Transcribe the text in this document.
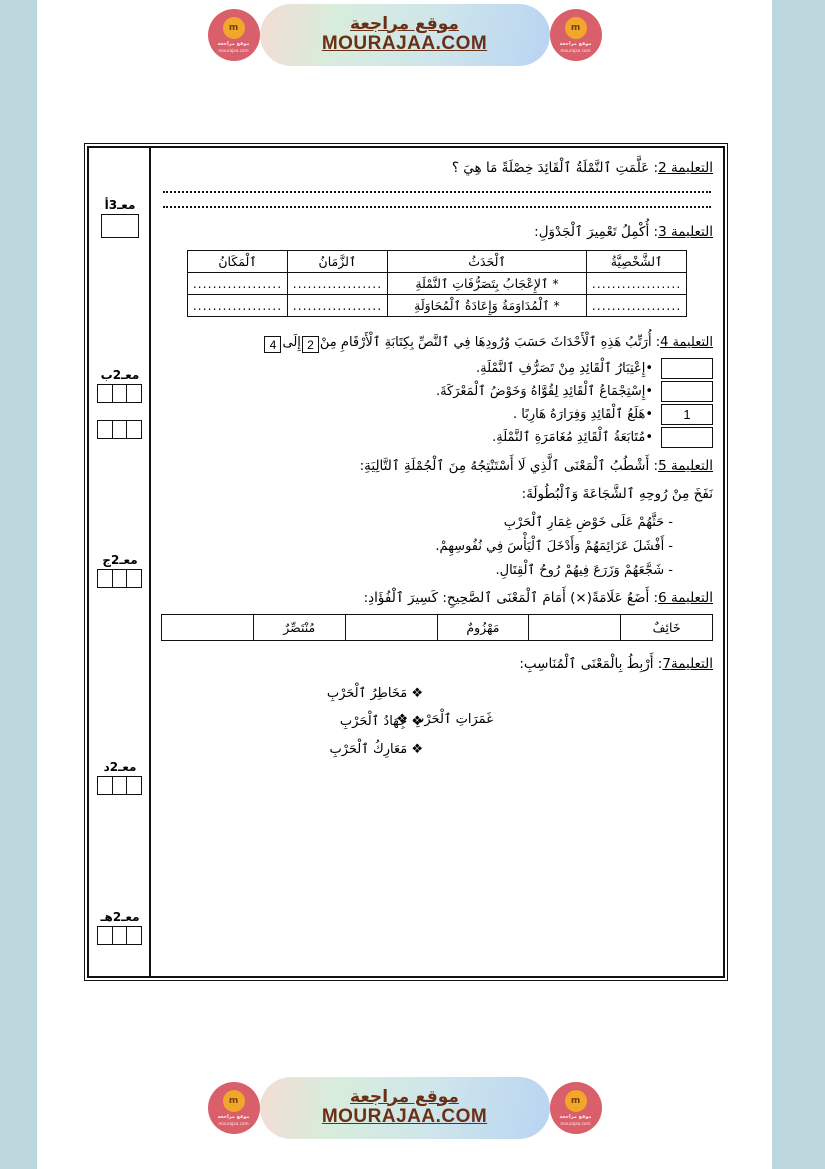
m
موقع مراجعة
mourajaa.com
موقع مراجعة
MOURAJAA.COM
m
موقع مراجعة
mourajaa.com
التعليمة 2: عَلَّمَتِ ٱلنَّمْلَةُ ٱلْقَائِدَ خِصْلَةً مَا هِيَ ؟
التعليمة 3: أُكْمِلُ تَعْمِيرَ ٱلْجَدْوَلِ:
ٱلشَّخْصِيَّةُ	ٱلْحَدَثُ	ٱلزَّمَانُ	ٱلْمَكَانُ
..................	* ٱلإِعْجَابُ بِتَصَرُّفَاتِ ٱلنَّمْلَةِ	..................	..................
..................	* ٱلْمُدَاوَمَةُ وَإِعَادَةُ ٱلْمُحَاوَلَةِ	..................	..................
التعليمة 4: أُرَتِّبُ هَذِهِ ٱلْأَحْدَاثَ حَسَبَ وُرُودِهَا فِي ٱلنَّصِّ بِكِتَابَةِ ٱلْأَرْقَامِ مِنْ2إِلَى4
•إِعْتِبَارُ ٱلْقَائِدِ مِنْ تَصَرُّفِ ٱلنَّمْلَةِ.
•إِسْتِجْمَاعُ ٱلْقَائِدِ لِقُوَّاهُ وَخَوْضُ ٱلْمَعْرَكَةَ.
1
•هَلَعُ ٱلْقَائِدِ وَفِرَارَهُ هَارِبًا .
•مُتَابَعَةُ ٱلْقَائِدِ مُغَامَرَةِ ٱلنَّمْلَةِ.
التعليمة 5: أَشْطُبُ ٱلْمَعْنَى ٱلَّذِي لَا أَسْتَنْتِجُهُ مِنَ ٱلْجُمْلَةِ ٱلتَّالِيَةِ:
نَفَخَ مِنْ رُوحِهِ ٱلشَّجَاعَةَ وَٱلْبُطُولَةَ:
- حَثَّهُمْ عَلَى خَوْضِ غِمَارِ ٱلْحَرْبِ
- أَفْشَلَ عَزَائِمَهُمْ وَأَدْخَلَ ٱلْيَأْسَ فِي نُفُوسِهِمْ.
- شَجَّعَهُمْ وَزَرَعَ فِيهُمْ رُوحُ ٱلْقِتَالِ.
التعليمة 6: أَضَعُ عَلَامَةً(×) أَمَامَ ٱلْمَعْنَى ٱلصَّحِيحِ: كَسِيرَ ٱلْفُؤَادِ:
خَائِفٌ		مَهْزُومٌ		مُنْتَصِّرٌ	
التعليمة7: أَرْبِطُ بِالْمَعْنَى ٱلْمُنَاسِبِ:
غَمَرَاتِ ٱلْحَرْبِ ❖
❖ مَخَاطِرُ ٱلْحَرْبِ
❖ جِهَادُ ٱلْحَرْبِ
❖ مَعَارِكُ ٱلْحَرْبِ
معـ3أ
معـ2ب
معـ2ج
معـ2د
معـ2هـ
m
موقع مراجعة
mourajaa.com
موقع مراجعة
MOURAJAA.COM
m
موقع مراجعة
mourajaa.com
